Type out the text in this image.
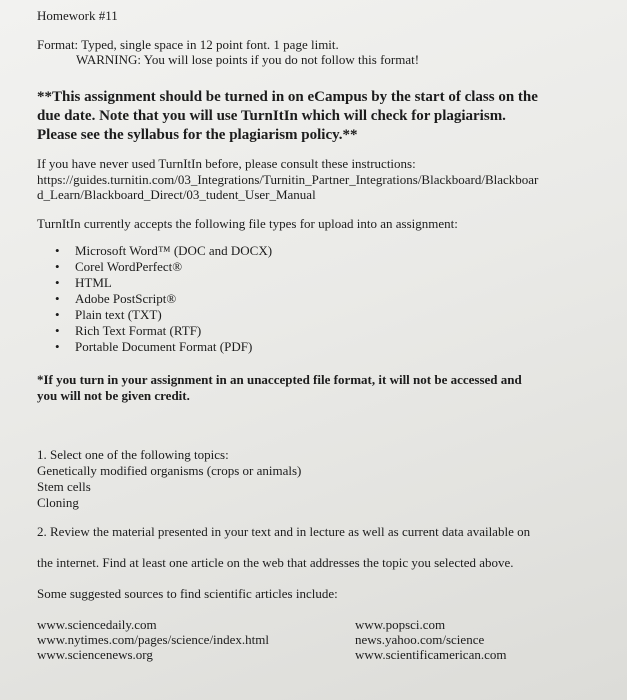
Homework #11
Format: Typed, single space in 12 point font. 1 page limit.
WARNING: You will lose points if you do not follow this format!
**This assignment should be turned in on eCampus by the start of class on the
due date. Note that you will use TurnItIn which will check for plagiarism.
Please see the syllabus for the plagiarism policy.**
If you have never used TurnItIn before, please consult these instructions:
https://guides.turnitin.com/03_Integrations/Turnitin_Partner_Integrations/Blackboard/Blackboar
d_Learn/Blackboard_Direct/03_tudent_User_Manual
TurnItIn currently accepts the following file types for upload into an assignment:
• Microsoft Word™ (DOC and DOCX)
• Corel WordPerfect®
• HTML
• Adobe PostScript®
• Plain text (TXT)
• Rich Text Format (RTF)
• Portable Document Format (PDF)
*If you turn in your assignment in an unaccepted file format, it will not be accessed and
you will not be given credit.
1. Select one of the following topics:
Genetically modified organisms (crops or animals)
Stem cells
Cloning
2. Review the material presented in your text and in lecture as well as current data available on
the internet. Find at least one article on the web that addresses the topic you selected above.
Some suggested sources to find scientific articles include:
www.sciencedaily.com
www.nytimes.com/pages/science/index.html
www.sciencenews.org
www.popsci.com
news.yahoo.com/science
www.scientificamerican.com
